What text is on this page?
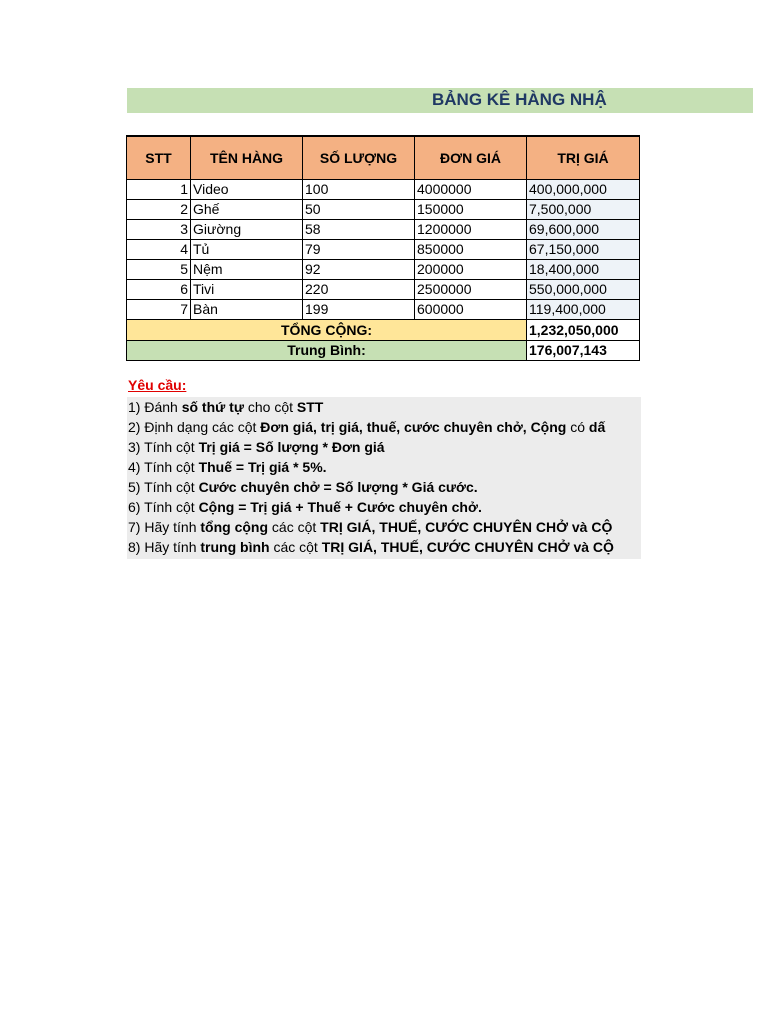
BẢNG KÊ HÀNG NHẬ
STT	TÊN HÀNG	SỐ LƯỢNG	ĐƠN GIÁ	TRỊ GIÁ
1	Video	100	4000000	400,000,000
2	Ghế	50	150000	7,500,000
3	Giường	58	1200000	69,600,000
4	Tủ	79	850000	67,150,000
5	Nệm	92	200000	18,400,000
6	Tivi	220	2500000	550,000,000
7	Bàn	199	600000	119,400,000
TỔNG CỘNG:				1,232,050,000
Trung Bình:				176,007,143
Yêu cầu:
1) Đánh số thứ tự cho cột STT
2) Định dạng các cột Đơn giá, trị giá, thuế, cước chuyên chở, Cộng có dấ
3) Tính cột Trị giá = Số lượng * Đơn giá
4) Tính cột Thuế = Trị giá * 5%.
5) Tính cột Cước chuyên chở = Số lượng * Giá cước.
6) Tính cột Cộng = Trị giá + Thuế + Cước chuyên chở.
7) Hãy tính tổng cộng các cột TRỊ GIÁ, THUẾ, CƯỚC CHUYÊN CHỞ và CỘ
8) Hãy tính trung bình các cột TRỊ GIÁ, THUẾ, CƯỚC CHUYÊN CHỞ và CỘ
